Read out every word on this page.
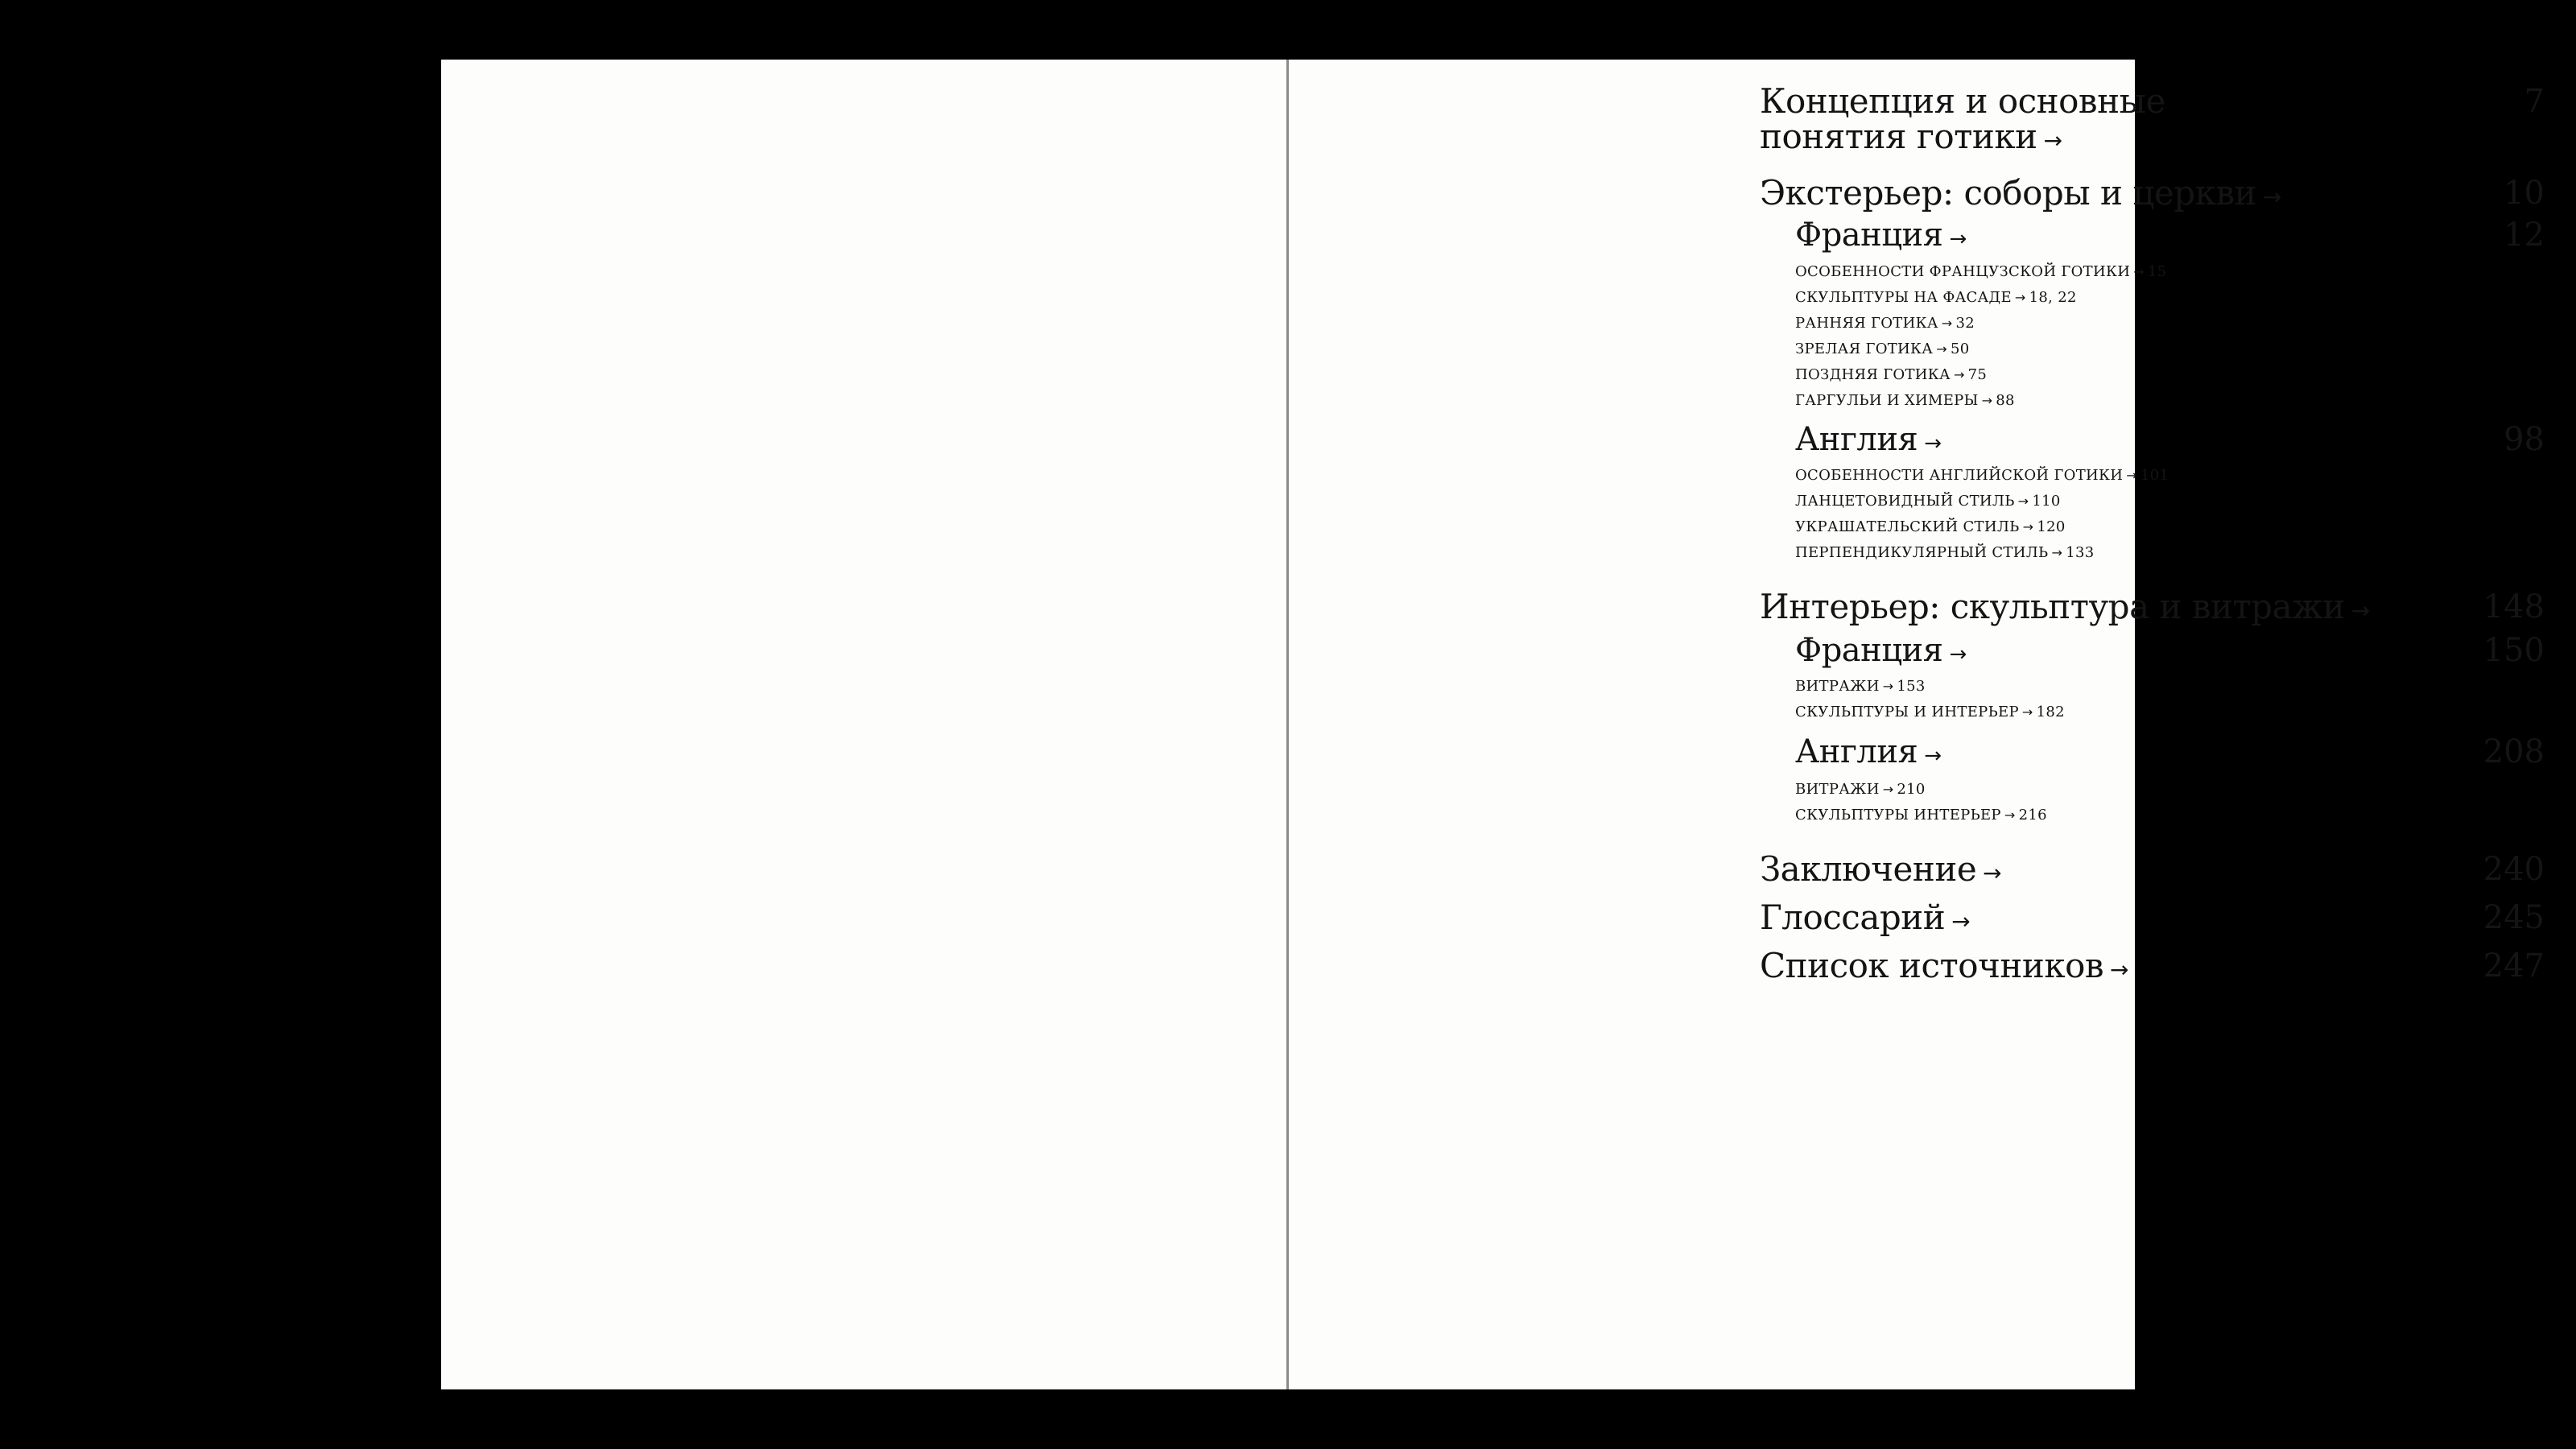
Концепция и основные
понятия готики →
7
Экстерьер: соборы и церкви →	10
Франция →	12
ОСОБЕННОСТИ ФРАНЦУЗСКОЙ ГОТИКИ → 15
СКУЛЬПТУРЫ НА ФАСАДЕ → 18, 22
РАННЯЯ ГОТИКА → 32
ЗРЕЛАЯ ГОТИКА → 50
ПОЗДНЯЯ ГОТИКА → 75
ГАРГУЛЬИ И ХИМЕРЫ → 88
Англия →	98
ОСОБЕННОСТИ АНГЛИЙСКОЙ ГОТИКИ → 101
ЛАНЦЕТОВИДНЫЙ СТИЛЬ → 110
УКРАШАТЕЛЬСКИЙ СТИЛЬ → 120
ПЕРПЕНДИКУЛЯРНЫЙ СТИЛЬ → 133
Интерьер: скульптура и витражи →	148
Франция →	150
ВИТРАЖИ → 153
СКУЛЬПТУРЫ И ИНТЕРЬЕР → 182
Англия →	208
ВИТРАЖИ → 210
СКУЛЬПТУРЫ ИНТЕРЬЕР → 216
Заключение →	240
Глоссарий →	245
Список источников →	247
